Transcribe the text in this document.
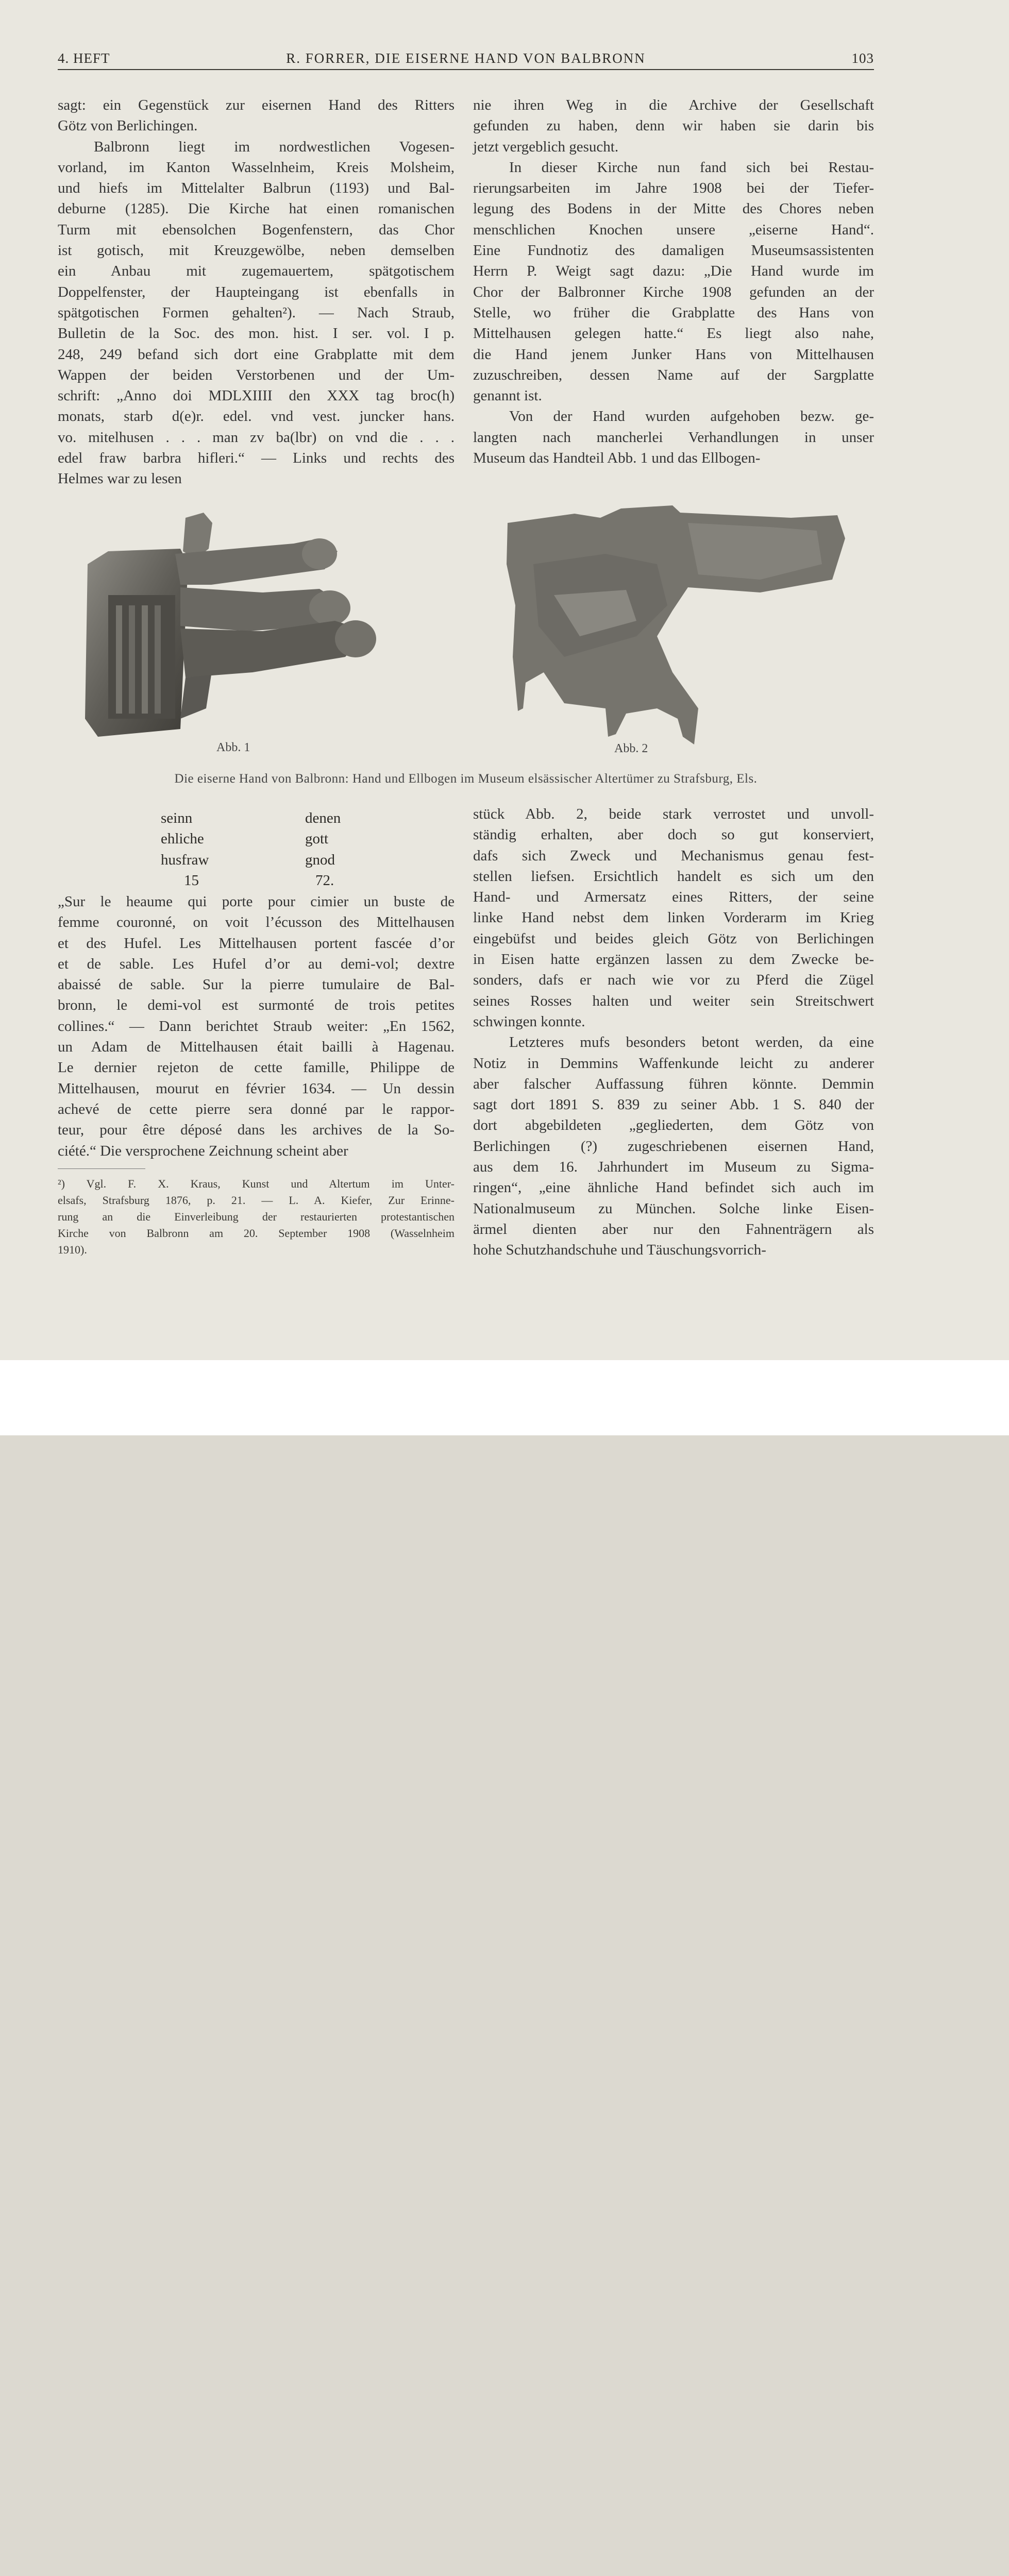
4. HEFT	R. FORRER, DIE EISERNE HAND VON BALBRONN	103
sagt: ein Gegenstück zur eisernen Hand des Ritters
Götz von Berlichingen.
Balbronn liegt im nordwestlichen Vogesen-
vorland, im Kanton Wasselnheim, Kreis Molsheim,
und hiefs im Mittelalter Balbrun (1193) und Bal-
deburne (1285). Die Kirche hat einen romanischen
Turm mit ebensolchen Bogenfenstern, das Chor
ist gotisch, mit Kreuzgewölbe, neben demselben
ein Anbau mit zugemauertem, spätgotischem
Doppelfenster, der Haupteingang ist ebenfalls in
spätgotischen Formen gehalten²). — Nach Straub,
Bulletin de la Soc. des mon. hist. I ser. vol. I p.
248, 249 befand sich dort eine Grabplatte mit dem
Wappen der beiden Verstorbenen und der Um-
schrift: „Anno doi MDLXIIII den XXX tag broc(h)
monats, starb d(e)r. edel. vnd vest. juncker hans.
vo. mitelhusen . . . man zv ba(lbr) on vnd die . . .
edel fraw barbra hifleri.“ — Links und rechts des
Helmes war zu lesen
nie ihren Weg in die Archive der Gesellschaft
gefunden zu haben, denn wir haben sie darin bis
jetzt vergeblich gesucht.
In dieser Kirche nun fand sich bei Restau-
rierungsarbeiten im Jahre 1908 bei der Tiefer-
legung des Bodens in der Mitte des Chores neben
menschlichen Knochen unsere „eiserne Hand“.
Eine Fundnotiz des damaligen Museumsassistenten
Herrn P. Weigt sagt dazu: „Die Hand wurde im
Chor der Balbronner Kirche 1908 gefunden an der
Stelle, wo früher die Grabplatte des Hans von
Mittelhausen gelegen hatte.“ Es liegt also nahe,
die Hand jenem Junker Hans von Mittelhausen
zuzuschreiben, dessen Name auf der Sargplatte
genannt ist.
Von der Hand wurden aufgehoben bezw. ge-
langten nach mancherlei Verhandlungen in unser
Museum das Handteil Abb. 1 und das Ellbogen-
Abb. 1	Abb. 2
Die eiserne Hand von Balbronn: Hand und Ellbogen im Museum elsässischer Altertümer zu Strafsburg, Els.
seinn	denen
ehliche	gott
husfraw	gnod
15	72.
„Sur le heaume qui porte pour cimier un buste de
femme couronné, on voit l’écusson des Mittelhausen
et des Hufel. Les Mittelhausen portent fascée d’or
et de sable. Les Hufel d’or au demi-vol; dextre
abaissé de sable. Sur la pierre tumulaire de Bal-
bronn, le demi-vol est surmonté de trois petites
collines.“ — Dann berichtet Straub weiter: „En 1562,
un Adam de Mittelhausen était bailli à Hagenau.
Le dernier rejeton de cette famille, Philippe de
Mittelhausen, mourut en février 1634. — Un dessin
achevé de cette pierre sera donné par le rappor-
teur, pour être déposé dans les archives de la So-
ciété.“ Die versprochene Zeichnung scheint aber
²) Vgl. F. X. Kraus, Kunst und Altertum im Unter-
elsafs, Strafsburg 1876, p. 21. — L. A. Kiefer, Zur Erinne-
rung an die Einverleibung der restaurierten protestantischen
Kirche von Balbronn am 20. September 1908 (Wasselnheim
1910).
stück Abb. 2, beide stark verrostet und unvoll-
ständig erhalten, aber doch so gut konserviert,
dafs sich Zweck und Mechanismus genau fest-
stellen liefsen. Ersichtlich handelt es sich um den
Hand- und Armersatz eines Ritters, der seine
linke Hand nebst dem linken Vorderarm im Krieg
eingebüfst und beides gleich Götz von Berlichingen
in Eisen hatte ergänzen lassen zu dem Zwecke be-
sonders, dafs er nach wie vor zu Pferd die Zügel
seines Rosses halten und weiter sein Streitschwert
schwingen konnte.
Letzteres mufs besonders betont werden, da eine
Notiz in Demmins Waffenkunde leicht zu anderer
aber falscher Auffassung führen könnte. Demmin
sagt dort 1891 S. 839 zu seiner Abb. 1 S. 840 der
dort abgebildeten „gegliederten, dem Götz von
Berlichingen (?) zugeschriebenen eisernen Hand,
aus dem 16. Jahrhundert im Museum zu Sigma-
ringen“, „eine ähnliche Hand befindet sich auch im
Nationalmuseum zu München. Solche linke Eisen-
ärmel dienten aber nur den Fahnenträgern als
hohe Schutzhandschuhe und Täuschungsvorrich-
